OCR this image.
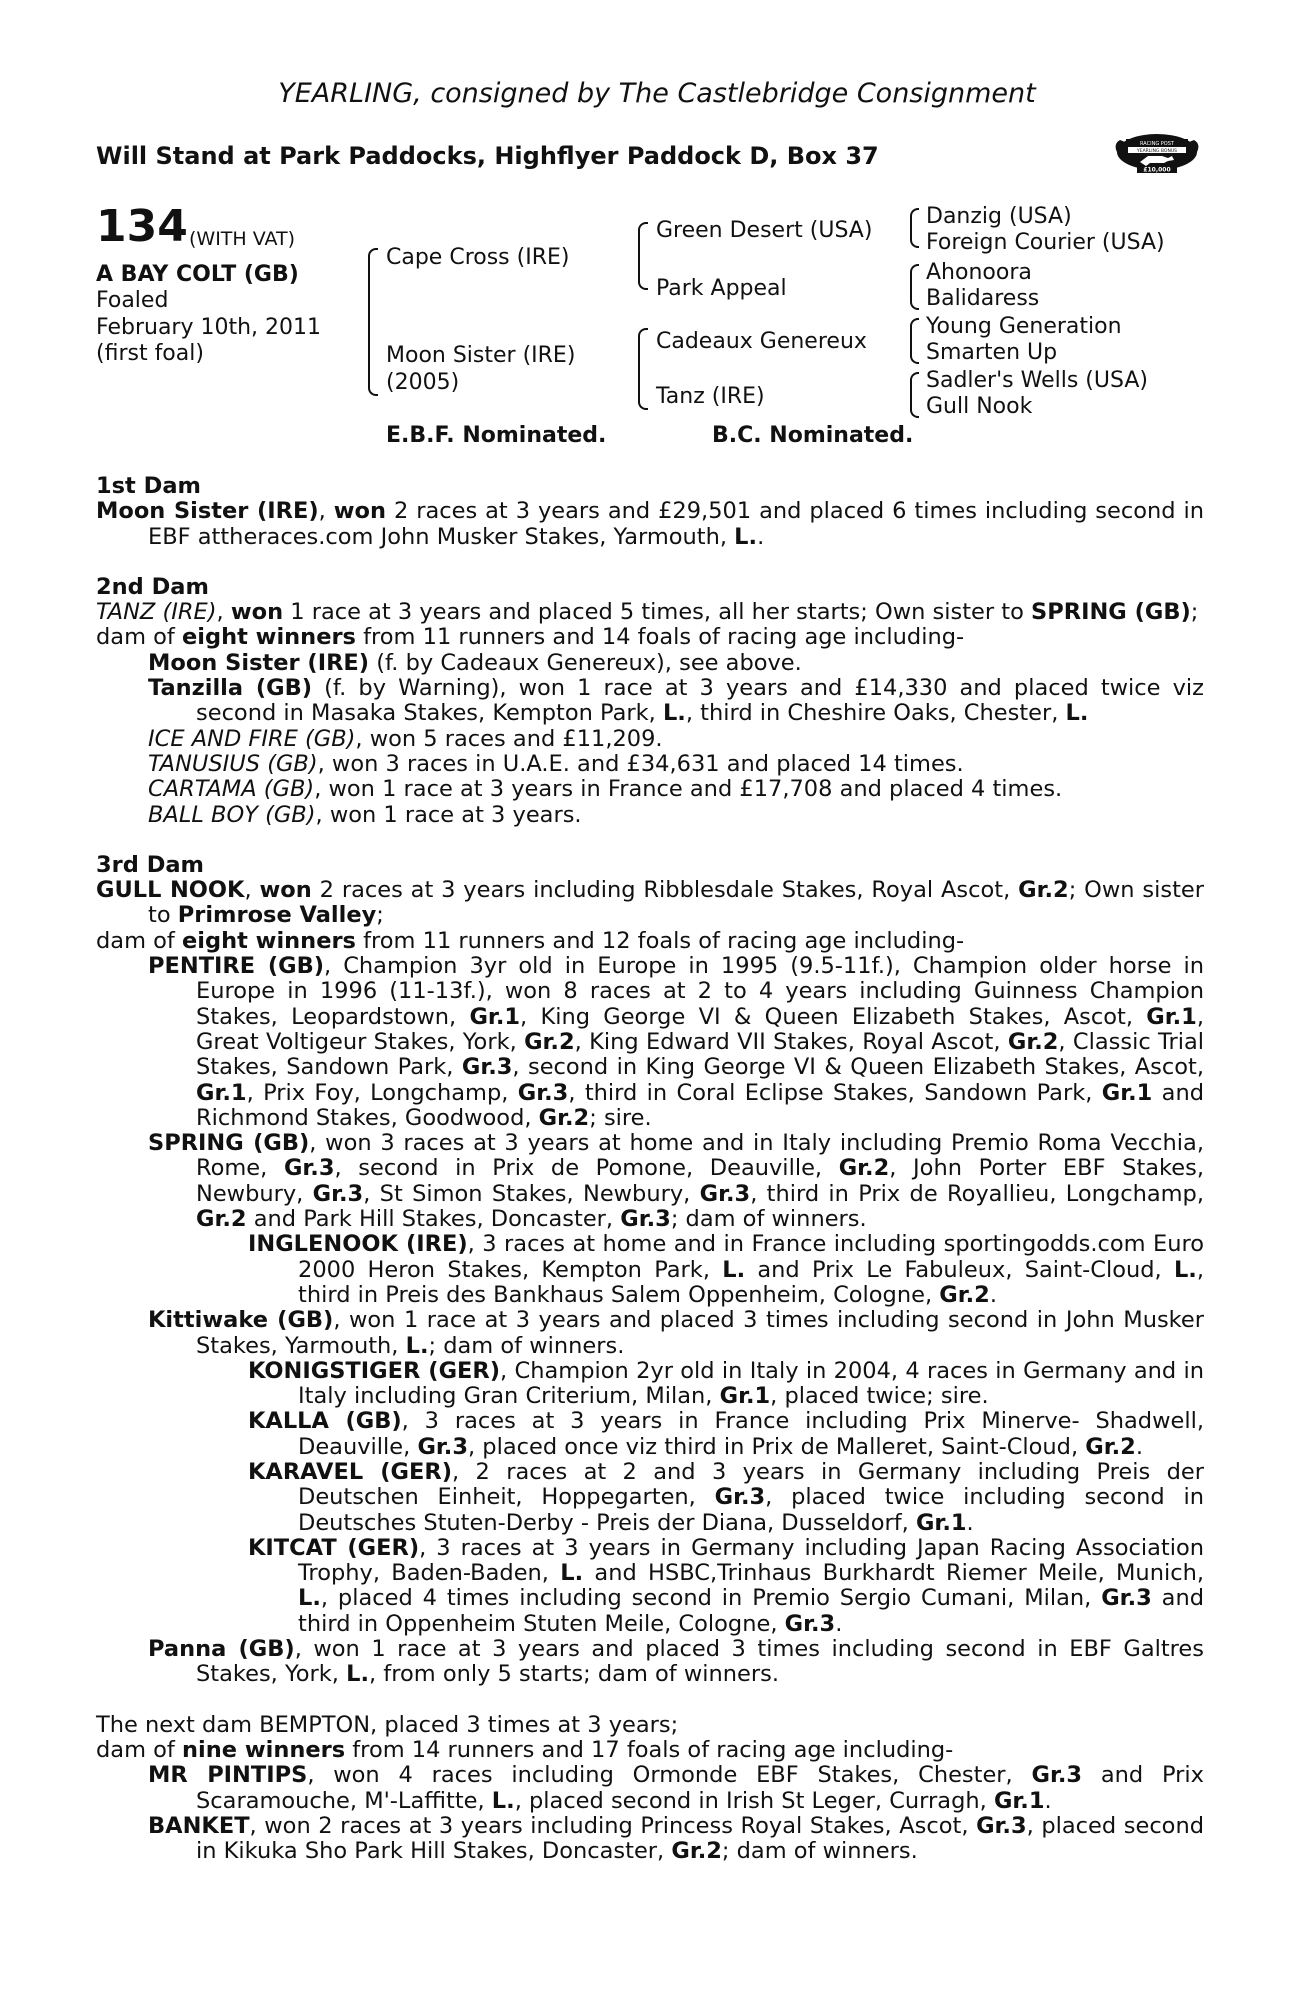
YEARLING, consigned by The Castlebridge Consignment
Will Stand at Park Paddocks, Highflyer Paddock D, Box 37	RACING POST
YEARLING BONUS
£10,000
134 (WITH VAT)
A BAY COLT (GB)
Foaled
February 10th, 2011
(first foal)
Cape Cross (IRE)
Moon Sister (IRE)
(2005)
Green Desert (USA)
Park Appeal
Cadeaux Genereux
Tanz (IRE)
Danzig (USA)
Foreign Courier (USA)
Ahonoora
Balidaress
Young Generation
Smarten Up
Sadler's Wells (USA)
Gull Nook
E.B.F. Nominated.	B.C. Nominated.

1st Dam

Moon Sister (IRE), won 2 races at 3 years and £29,501 and placed 6 times including second in EBF attheraces.com John Musker Stakes, Yarmouth, L..

2nd Dam

TANZ (IRE), won 1 race at 3 years and placed 5 times, all her starts; Own sister to SPRING (GB);

dam of eight winners from 11 runners and 14 foals of racing age including-

Moon Sister (IRE) (f. by Cadeaux Genereux), see above.

Tanzilla (GB) (f. by Warning), won 1 race at 3 years and £14,330 and placed twice viz second in Masaka Stakes, Kempton Park, L., third in Cheshire Oaks, Chester, L.

ICE AND FIRE (GB), won 5 races and £11,209.

TANUSIUS (GB), won 3 races in U.A.E. and £34,631 and placed 14 times.

CARTAMA (GB), won 1 race at 3 years in France and £17,708 and placed 4 times.

BALL BOY (GB), won 1 race at 3 years.

3rd Dam

GULL NOOK, won 2 races at 3 years including Ribblesdale Stakes, Royal Ascot, Gr.2; Own sister to Primrose Valley;

dam of eight winners from 11 runners and 12 foals of racing age including-

PENTIRE (GB), Champion 3yr old in Europe in 1995 (9.5-11f.), Champion older horse in Europe in 1996 (11-13f.), won 8 races at 2 to 4 years including Guinness Champion Stakes, Leopardstown, Gr.1, King George VI & Queen Elizabeth Stakes, Ascot, Gr.1, Great Voltigeur Stakes, York, Gr.2, King Edward VII Stakes, Royal Ascot, Gr.2, Classic Trial Stakes, Sandown Park, Gr.3, second in King George VI & Queen Elizabeth Stakes, Ascot, Gr.1, Prix Foy, Longchamp, Gr.3, third in Coral Eclipse Stakes, Sandown Park, Gr.1 and Richmond Stakes, Goodwood, Gr.2; sire.

SPRING (GB), won 3 races at 3 years at home and in Italy including Premio Roma Vecchia, Rome, Gr.3, second in Prix de Pomone, Deauville, Gr.2, John Porter EBF Stakes, Newbury, Gr.3, St Simon Stakes, Newbury, Gr.3, third in Prix de Royallieu, Longchamp, Gr.2 and Park Hill Stakes, Doncaster, Gr.3; dam of winners.

INGLENOOK (IRE), 3 races at home and in France including sportingodds.com Euro 2000 Heron Stakes, Kempton Park, L. and Prix Le Fabuleux, Saint-Cloud, L., third in Preis des Bankhaus Salem Oppenheim, Cologne, Gr.2.

Kittiwake (GB), won 1 race at 3 years and placed 3 times including second in John Musker Stakes, Yarmouth, L.; dam of winners.

KONIGSTIGER (GER), Champion 2yr old in Italy in 2004, 4 races in Germany and in Italy including Gran Criterium, Milan, Gr.1, placed twice; sire.

KALLA (GB), 3 races at 3 years in France including Prix Minerve- Shadwell, Deauville, Gr.3, placed once viz third in Prix de Malleret, Saint-Cloud, Gr.2.

KARAVEL (GER), 2 races at 2 and 3 years in Germany including Preis der Deutschen Einheit, Hoppegarten, Gr.3, placed twice including second in Deutsches Stuten-Derby - Preis der Diana, Dusseldorf, Gr.1.

KITCAT (GER), 3 races at 3 years in Germany including Japan Racing Association Trophy, Baden-Baden, L. and HSBC,Trinhaus Burkhardt Riemer Meile, Munich, L., placed 4 times including second in Premio Sergio Cumani, Milan, Gr.3 and third in Oppenheim Stuten Meile, Cologne, Gr.3.

Panna (GB), won 1 race at 3 years and placed 3 times including second in EBF Galtres Stakes, York, L., from only 5 starts; dam of winners.

The next dam BEMPTON, placed 3 times at 3 years;

dam of nine winners from 14 runners and 17 foals of racing age including-

MR PINTIPS, won 4 races including Ormonde EBF Stakes, Chester, Gr.3 and Prix Scaramouche, M'-Laffitte, L., placed second in Irish St Leger, Curragh, Gr.1.

BANKET, won 2 races at 3 years including Princess Royal Stakes, Ascot, Gr.3, placed second in Kikuka Sho Park Hill Stakes, Doncaster, Gr.2; dam of winners.
